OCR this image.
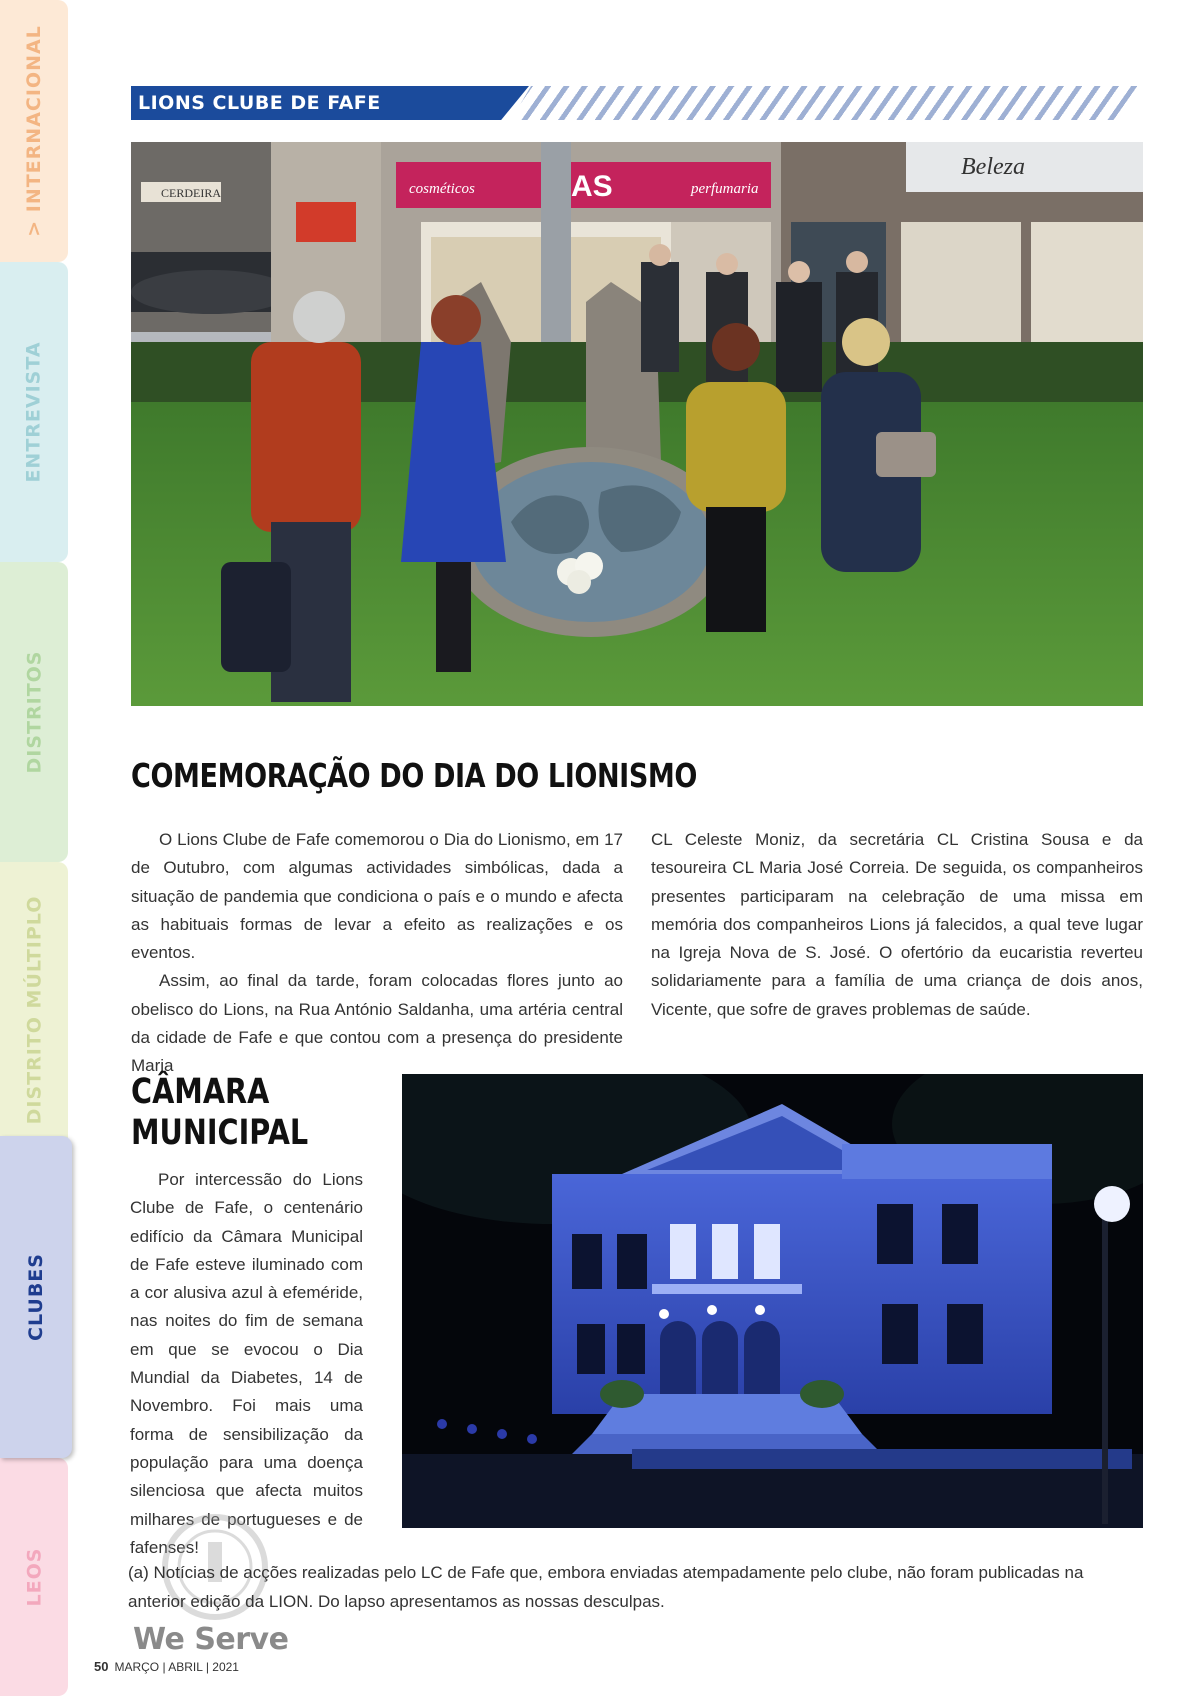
> INTERNACIONAL
ENTREVISTA
DISTRITOS
DISTRITO MÚLTIPLO
LEOS
CLUBES
LIONS CLUBE DE FAFE
CERDEIRA	cosméticos	AS	perfumaria
Beleza
COMEMORAÇÃO DO DIA DO LIONISMO

O Lions Clube de Fafe comemorou o Dia do Lionismo, em 17 de Outubro, com algumas actividades simbólicas, dada a situação de pandemia que condiciona o país e o mundo e afecta as habituais formas de levar a efeito as realizações e os eventos.

Assim, ao final da tarde, foram colocadas flores junto ao obelisco do Lions, na Rua António Saldanha, uma artéria central da cidade de Fafe e que contou com a presença do presidente Maria

CL Celeste Moniz, da secretária CL Cristina Sousa e da tesoureira CL Maria José Correia. De seguida, os companheiros presentes participaram na celebração de uma missa em memória dos companheiros Lions já falecidos, a qual teve lugar na Igreja Nova de S. José. O ofertório da eucaristia reverteu solidariamente para a família de uma criança de dois anos, Vicente, que sofre de graves problemas de saúde.

CÂMARA MUNICIPAL

Por intercessão do Lions Clube de Fafe, o centenário edifício da Câmara Municipal de Fafe esteve iluminado com a cor alusiva azul à efeméride, nas noites do fim de semana em que se evocou o Dia Mundial da Diabetes, 14 de Novembro. Foi mais uma forma de sensibilização da população para uma doença silenciosa que afecta muitos milhares de portugueses e de fafenses!

(a) Notícias de acções realizadas pelo LC de Fafe que, embora enviadas atempadamente pelo clube, não foram publicadas na anterior edição da LION. Do lapso apresentamos as nossas desculpas.
We Serve
50 MARÇO | ABRIL | 2021
